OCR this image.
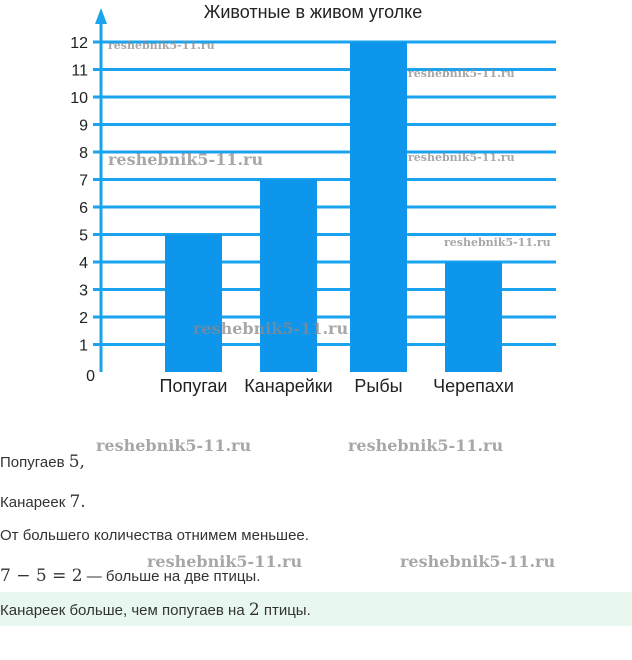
Животные в живом уголке
0
1
2
3
4
5
6
7
8
9
10
11
12
Попугаи Канарейки Рыбы Черепахи
reshebnik5-11.ru
reshebnik5-11.ru
reshebnik5-11.ru	reshebnik5-11.ru
reshebnik5-11.ru
reshebnik5-11.ru
reshebnik5-11.ru	reshebnik5-11.ru
reshebnik5-11.ru	reshebnik5-11.ru
Попугаев 5,
Канареек 7.
От большего количества отнимем меньшее.
7 − 5 = 2 — больше на две птицы.
Канареек больше, чем попугаев на 2 птицы.
